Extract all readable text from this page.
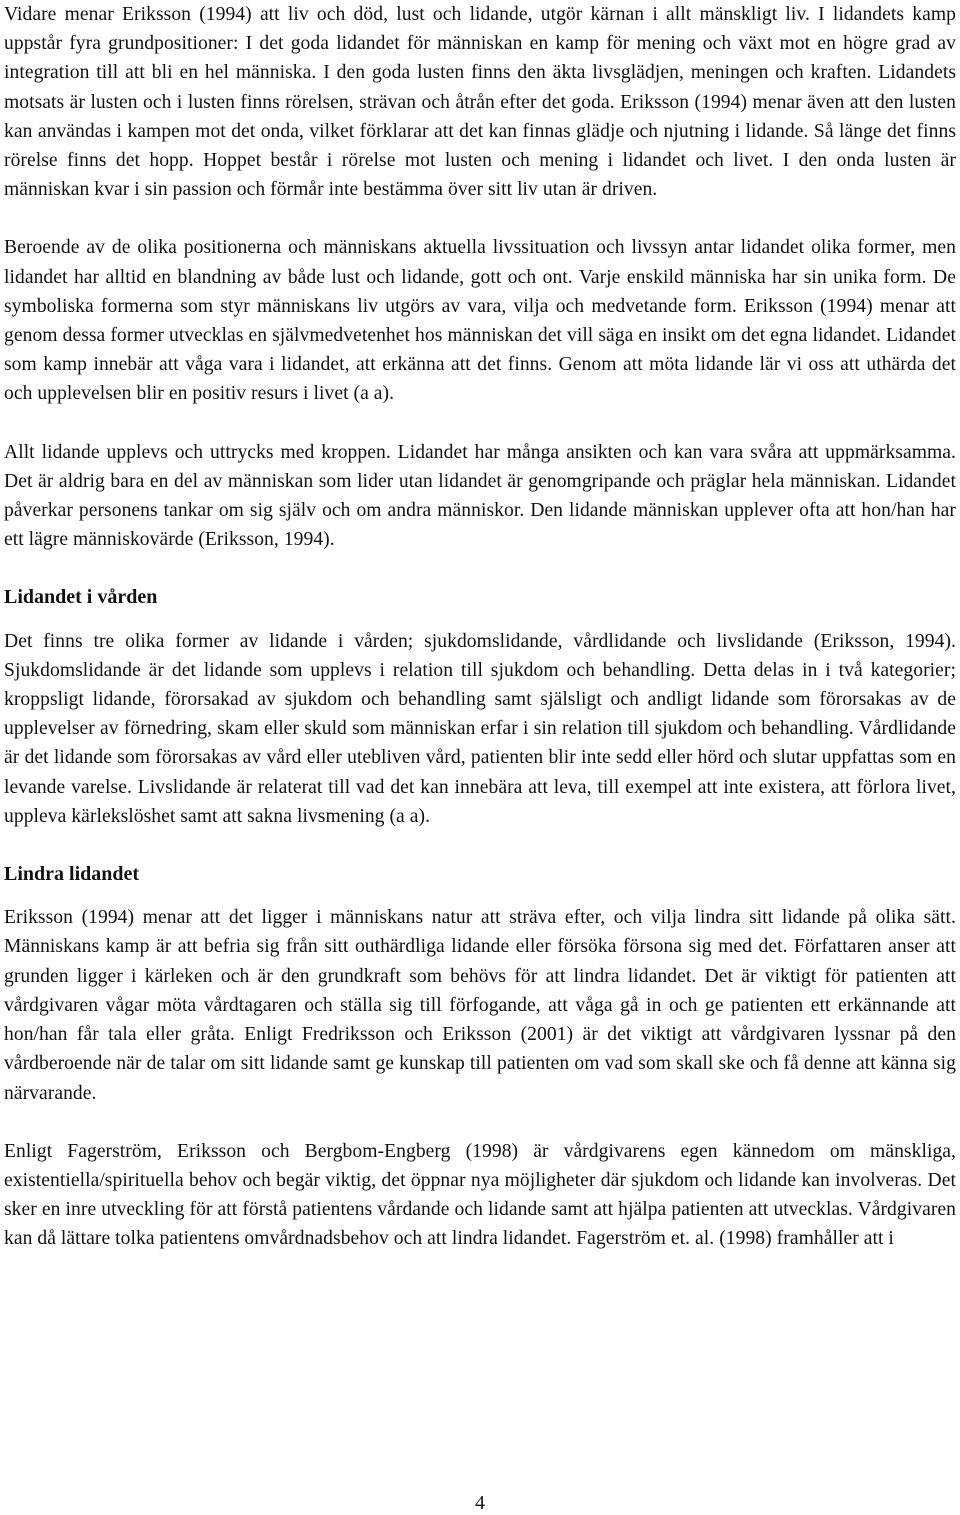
Vidare menar Eriksson (1994) att liv och död, lust och lidande, utgör kärnan i allt mänskligt liv. I lidandets kamp uppstår fyra grundpositioner: I det goda lidandet för människan en kamp för mening och växt mot en högre grad av integration till att bli en hel människa. I den goda lusten finns den äkta livsglädjen, meningen och kraften. Lidandets motsats är lusten och i lusten finns rörelsen, strävan och åtrån efter det goda. Eriksson (1994) menar även att den lusten kan användas i kampen mot det onda, vilket förklarar att det kan finnas glädje och njutning i lidande. Så länge det finns rörelse finns det hopp. Hoppet består i rörelse mot lusten och mening i lidandet och livet. I den onda lusten är människan kvar i sin passion och förmår inte bestämma över sitt liv utan är driven.

Beroende av de olika positionerna och människans aktuella livssituation och livssyn antar lidandet olika former, men lidandet har alltid en blandning av både lust och lidande, gott och ont. Varje enskild människa har sin unika form. De symboliska formerna som styr människans liv utgörs av vara, vilja och medvetande form. Eriksson (1994) menar att genom dessa former utvecklas en självmedvetenhet hos människan det vill säga en insikt om det egna lidandet. Lidandet som kamp innebär att våga vara i lidandet, att erkänna att det finns. Genom att möta lidande lär vi oss att uthärda det och upplevelsen blir en positiv resurs i livet (a a).

Allt lidande upplevs och uttrycks med kroppen. Lidandet har många ansikten och kan vara svåra att uppmärksamma. Det är aldrig bara en del av människan som lider utan lidandet är genomgripande och präglar hela människan. Lidandet påverkar personens tankar om sig själv och om andra människor. Den lidande människan upplever ofta att hon/han har ett lägre människovärde (Eriksson, 1994).

Lidandet i vården

Det finns tre olika former av lidande i vården; sjukdomslidande, vårdlidande och livslidande (Eriksson, 1994). Sjukdomslidande är det lidande som upplevs i relation till sjukdom och behandling. Detta delas in i två kategorier; kroppsligt lidande, förorsakad av sjukdom och behandling samt själsligt och andligt lidande som förorsakas av de upplevelser av förnedring, skam eller skuld som människan erfar i sin relation till sjukdom och behandling. Vårdlidande är det lidande som förorsakas av vård eller utebliven vård, patienten blir inte sedd eller hörd och slutar uppfattas som en levande varelse. Livslidande är relaterat till vad det kan innebära att leva, till exempel att inte existera, att förlora livet, uppleva kärlekslöshet samt att sakna livsmening (a a).

Lindra lidandet

Eriksson (1994) menar att det ligger i människans natur att sträva efter, och vilja lindra sitt lidande på olika sätt. Människans kamp är att befria sig från sitt outhärdliga lidande eller försöka försona sig med det. Författaren anser att grunden ligger i kärleken och är den grundkraft som behövs för att lindra lidandet. Det är viktigt för patienten att vårdgivaren vågar möta vårdtagaren och ställa sig till förfogande, att våga gå in och ge patienten ett erkännande att hon/han får tala eller gråta. Enligt Fredriksson och Eriksson (2001) är det viktigt att vårdgivaren lyssnar på den vårdberoende när de talar om sitt lidande samt ge kunskap till patienten om vad som skall ske och få denne att känna sig närvarande.

Enligt Fagerström, Eriksson och Bergbom-Engberg (1998) är vårdgivarens egen kännedom om mänskliga, existentiella/spirituella behov och begär viktig, det öppnar nya möjligheter där sjukdom och lidande kan involveras. Det sker en inre utveckling för att förstå patientens vårdande och lidande samt att hjälpa patienten att utvecklas. Vårdgivaren kan då lättare tolka patientens omvårdnadsbehov och att lindra lidandet. Fagerström et. al. (1998) framhåller att i

4
